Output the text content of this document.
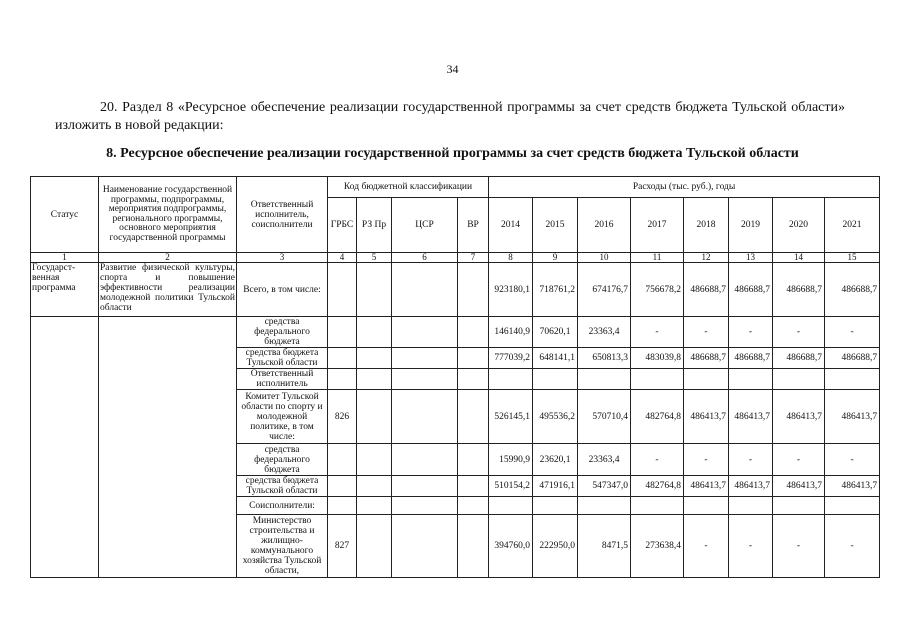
34
20. Раздел 8 «Ресурсное обеспечение реализации государственной программы за счет средств бюджета Тульской области» изложить в новой редакции:
8. Ресурсное обеспечение реализации государственной программы за счет средств бюджета Тульской области
Статус	Наименование государственной программы, подпрограммы, мероприятия подпрограммы, регионального программы, основного мероприятия государственной программы	Ответственный исполнитель, соисполнители	Код бюджетной классификации				Расходы (тыс. руб.), годы							
			ГРБС	РЗ Пр	ЦСР	ВР	2014	2015	2016	2017	2018	2019	2020	2021
1	2	3	4	5	6	7	8	9	10	11	12	13	14	15
Государст-венная программа	Развитие физической культуры, спорта и повышение эффективности реализации молодежной политики Тульской области	Всего, в том числе:					923180,1	718761,2	674176,7	756678,2	486688,7	486688,7	486688,7	486688,7
		средства федерального бюджета					146140,9	70620,1	23363,4	-	-	-	-	-
		средства бюджета Тульской области					777039,2	648141,1	650813,3	483039,8	486688,7	486688,7	486688,7	486688,7
		Ответственный исполнитель												
		Комитет Тульской области по спорту и молодежной политике, в том числе:	826				526145,1	495536,2	570710,4	482764,8	486413,7	486413,7	486413,7	486413,7
		средства федерального бюджета					15990,9	23620,1	23363,4	-	-	-	-	-
		средства бюджета Тульской области					510154,2	471916,1	547347,0	482764,8	486413,7	486413,7	486413,7	486413,7
		Соисполнители:												
		Министерство строительства и жилищно-коммунального хозяйства Тульской области,	827				394760,0	222950,0	8471,5	273638,4	-	-	-	-
